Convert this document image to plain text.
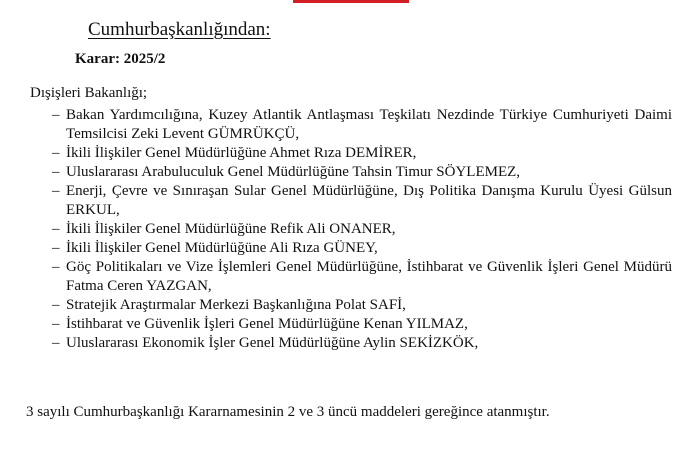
Cumhurbaşkanlığından:
Karar: 2025/2
Dışişleri Bakanlığı;
– Bakan Yardımcılığına, Kuzey Atlantik Antlaşması Teşkilatı Nezdinde Türkiye Cumhuriyeti Daimi Temsilcisi Zeki Levent GÜMRÜKÇÜ,
– İkili İlişkiler Genel Müdürlüğüne Ahmet Rıza DEMİRER,
– Uluslararası Arabuluculuk Genel Müdürlüğüne Tahsin Timur SÖYLEMEZ,
– Enerji, Çevre ve Sınıraşan Sular Genel Müdürlüğüne, Dış Politika Danışma Kurulu Üyesi Gülsun ERKUL,
– İkili İlişkiler Genel Müdürlüğüne Refik Ali ONANER,
– İkili İlişkiler Genel Müdürlüğüne Ali Rıza GÜNEY,
– Göç Politikaları ve Vize İşlemleri Genel Müdürlüğüne, İstihbarat ve Güvenlik İşleri Genel Müdürü Fatma Ceren YAZGAN,
– Stratejik Araştırmalar Merkezi Başkanlığına Polat SAFİ,
– İstihbarat ve Güvenlik İşleri Genel Müdürlüğüne Kenan YILMAZ,
– Uluslararası Ekonomik İşler Genel Müdürlüğüne Aylin SEKİZKÖK,
3 sayılı Cumhurbaşkanlığı Kararnamesinin 2 ve 3 üncü maddeleri gereğince atanmıştır.
